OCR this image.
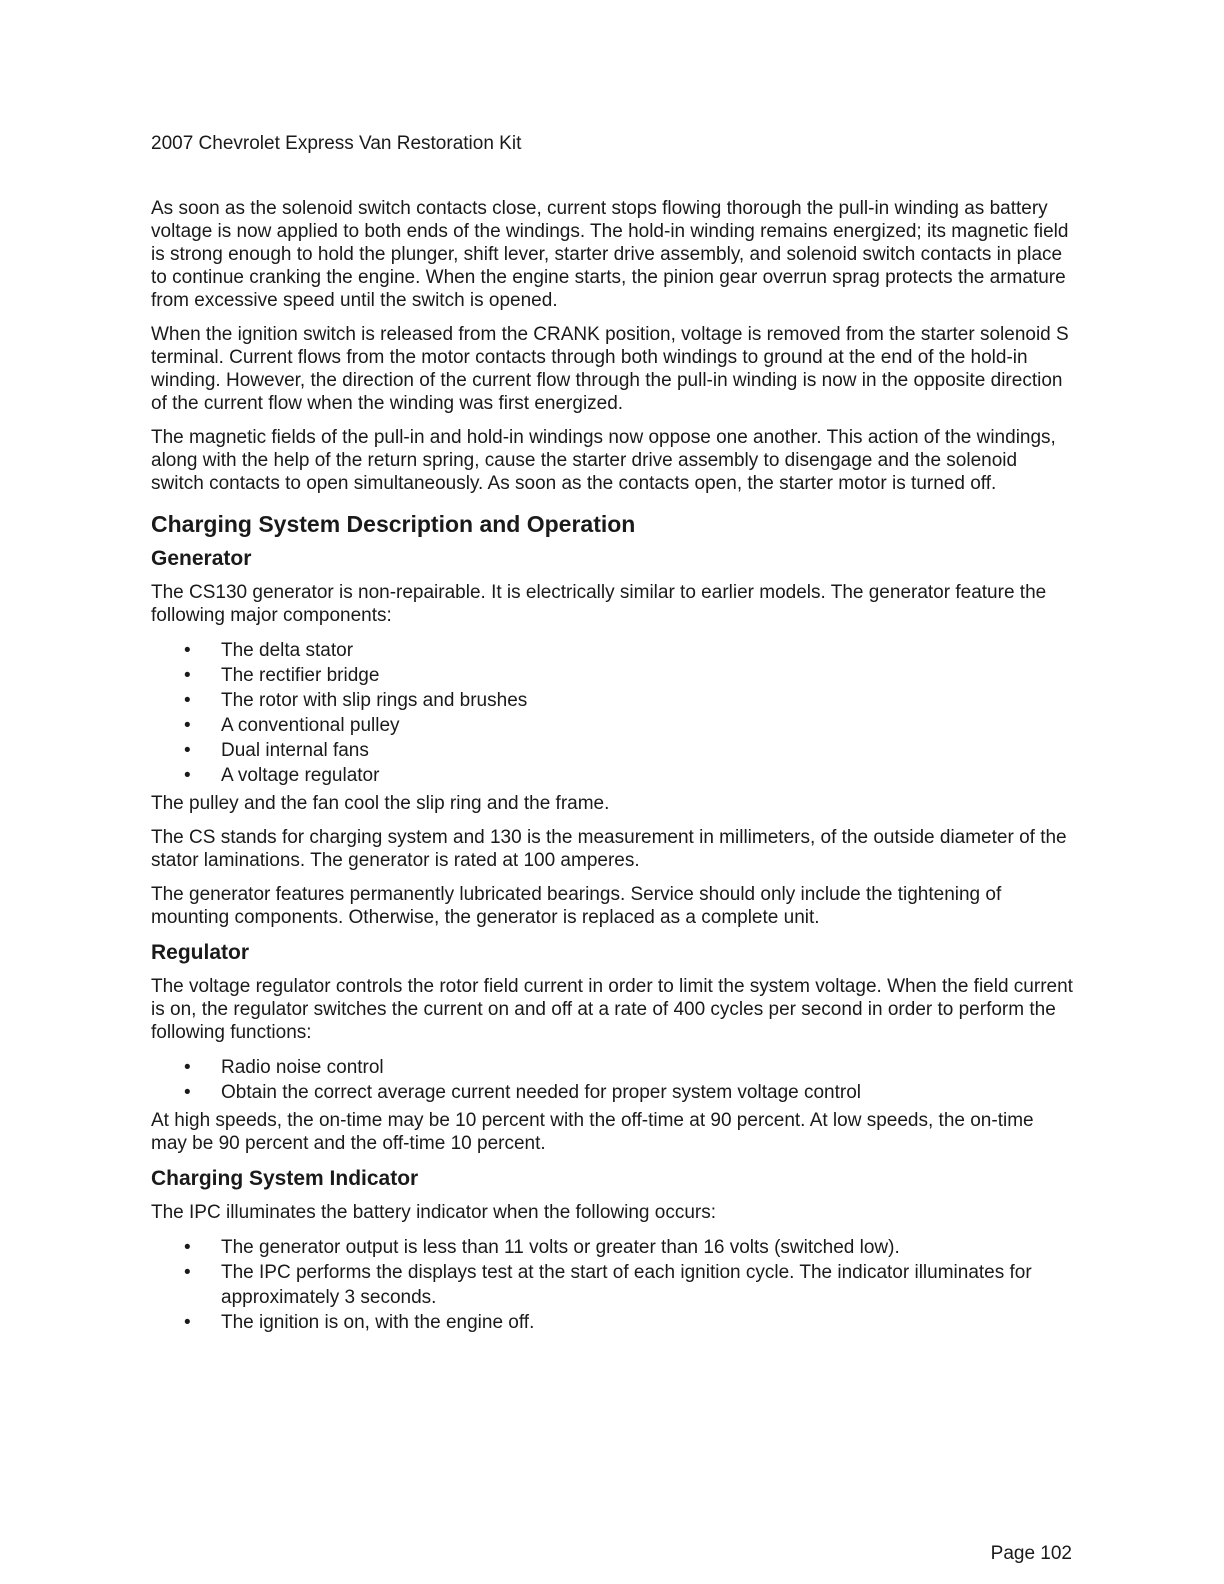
2007 Chevrolet Express Van Restoration Kit

As soon as the solenoid switch contacts close, current stops flowing thorough the pull-in winding as battery voltage is now applied to both ends of the windings. The hold-in winding remains energized; its magnetic field is strong enough to hold the plunger, shift lever, starter drive assembly, and solenoid switch contacts in place to continue cranking the engine. When the engine starts, the pinion gear overrun sprag protects the armature from excessive speed until the switch is opened.

When the ignition switch is released from the CRANK position, voltage is removed from the starter solenoid S terminal. Current flows from the motor contacts through both windings to ground at the end of the hold-in winding. However, the direction of the current flow through the pull-in winding is now in the opposite direction of the current flow when the winding was first energized.

The magnetic fields of the pull-in and hold-in windings now oppose one another. This action of the windings, along with the help of the return spring, cause the starter drive assembly to disengage and the solenoid switch contacts to open simultaneously. As soon as the contacts open, the starter motor is turned off.

Charging System Description and Operation
Generator

The CS130 generator is non-repairable. It is electrically similar to earlier models. The generator feature the following major components:

• The delta stator
• The rectifier bridge
• The rotor with slip rings and brushes
• A conventional pulley
• Dual internal fans
• A voltage regulator

The pulley and the fan cool the slip ring and the frame.

The CS stands for charging system and 130 is the measurement in millimeters, of the outside diameter of the stator laminations. The generator is rated at 100 amperes.

The generator features permanently lubricated bearings. Service should only include the tightening of mounting components. Otherwise, the generator is replaced as a complete unit.

Regulator

The voltage regulator controls the rotor field current in order to limit the system voltage. When the field current is on, the regulator switches the current on and off at a rate of 400 cycles per second in order to perform the following functions:

• Radio noise control
• Obtain the correct average current needed for proper system voltage control

At high speeds, the on-time may be 10 percent with the off-time at 90 percent. At low speeds, the on-time may be 90 percent and the off-time 10 percent.

Charging System Indicator

The IPC illuminates the battery indicator when the following occurs:

• The generator output is less than 11 volts or greater than 16 volts (switched low).
• The IPC performs the displays test at the start of each ignition cycle. The indicator illuminates for approximately 3 seconds.
• The ignition is on, with the engine off.

Page 102
